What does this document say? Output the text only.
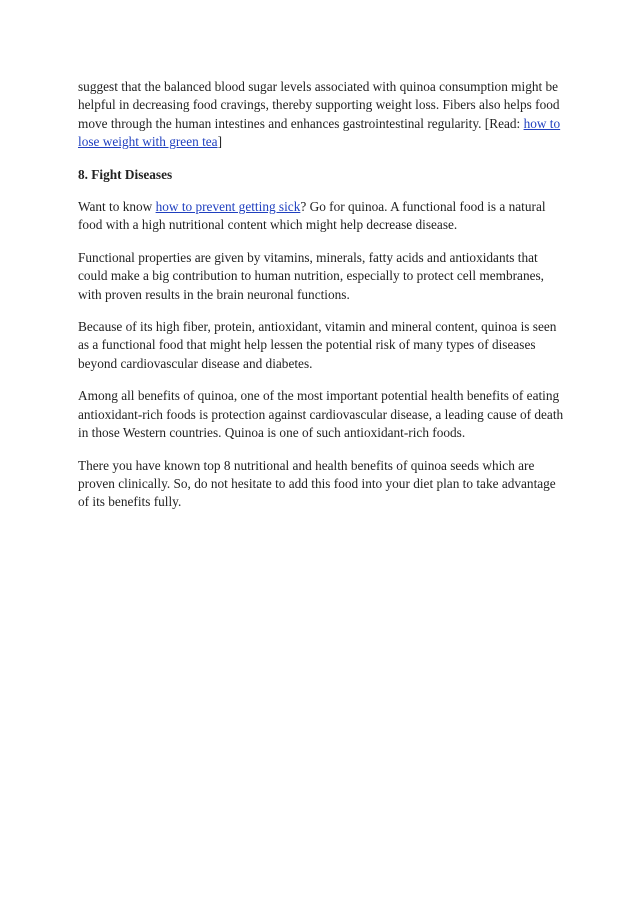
suggest that the balanced blood sugar levels associated with quinoa consumption might be helpful in decreasing food cravings, thereby supporting weight loss. Fibers also helps food move through the human intestines and enhances gastrointestinal regularity. [Read: how to lose weight with green tea]

8. Fight Diseases

Want to know how to prevent getting sick? Go for quinoa. A functional food is a natural food with a high nutritional content which might help decrease disease.

Functional properties are given by vitamins, minerals, fatty acids and antioxidants that could make a big contribution to human nutrition, especially to protect cell membranes, with proven results in the brain neuronal functions.

Because of its high fiber, protein, antioxidant, vitamin and mineral content, quinoa is seen as a functional food that might help lessen the potential risk of many types of diseases beyond cardiovascular disease and diabetes.

Among all benefits of quinoa, one of the most important potential health benefits of eating antioxidant-rich foods is protection against cardiovascular disease, a leading cause of death in those Western countries. Quinoa is one of such antioxidant-rich foods.

There you have known top 8 nutritional and health benefits of quinoa seeds which are proven clinically. So, do not hesitate to add this food into your diet plan to take advantage of its benefits fully.
